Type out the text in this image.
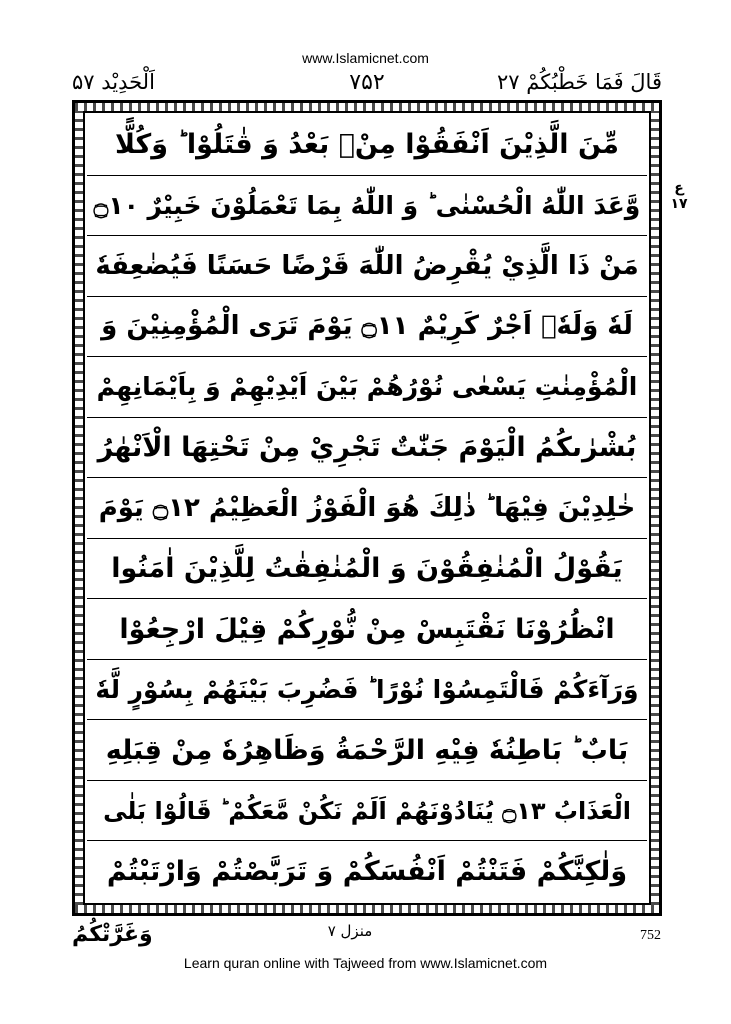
www.Islamicnet.com
اَلْحَدِيْد ۵۷	۷۵۲	قَالَ فَمَا خَطْبُكُمْ ۲۷
مِّنَ الَّذِيْنَ اَنْفَقُوْا مِنْۢ بَعْدُ وَ قٰتَلُوْا ؕ وَكُلًّا
وَّعَدَ اللّٰهُ الْحُسْنٰى ؕ وَ اللّٰهُ بِمَا تَعْمَلُوْنَ خَبِيْرٌ ۝۱۰
مَنْ ذَا الَّذِيْ يُقْرِضُ اللّٰهَ قَرْضًا حَسَنًا فَيُضٰعِفَهٗ
لَهٗ وَلَهٗۤ اَجْرٌ كَرِيْمٌ ۝۱۱ يَوْمَ تَرَى الْمُؤْمِنِيْنَ وَ
الْمُؤْمِنٰتِ يَسْعٰى نُوْرُهُمْ بَيْنَ اَيْدِيْهِمْ وَ بِاَيْمَانِهِمْ
بُشْرٰىكُمُ الْيَوْمَ جَنّٰتٌ تَجْرِيْ مِنْ تَحْتِهَا الْاَنْهٰرُ
خٰلِدِيْنَ فِيْهَا ؕ ذٰلِكَ هُوَ الْفَوْزُ الْعَظِيْمُ ۝۱۲ يَوْمَ
يَقُوْلُ الْمُنٰفِقُوْنَ وَ الْمُنٰفِقٰتُ لِلَّذِيْنَ اٰمَنُوا
انْظُرُوْنَا نَقْتَبِسْ مِنْ نُّوْرِكُمْ قِيْلَ ارْجِعُوْا
وَرَآءَكُمْ فَالْتَمِسُوْا نُوْرًا ؕ فَضُرِبَ بَيْنَهُمْ بِسُوْرٍ لَّهٗ
بَابٌ ؕ بَاطِنُهٗ فِيْهِ الرَّحْمَةُ وَظَاهِرُهٗ مِنْ قِبَلِهِ
الْعَذَابُ ۝۱۳ يُنَادُوْنَهُمْ اَلَمْ نَكُنْ مَّعَكُمْ ؕ قَالُوْا بَلٰى
وَلٰكِنَّكُمْ فَتَنْتُمْ اَنْفُسَكُمْ وَ تَرَبَّصْتُمْ وَارْتَبْتُمْ
ع ۱۷
وَغَرَّتْكُمُ	منزل ۷	752
Learn quran online with Tajweed from www.Islamicnet.com
